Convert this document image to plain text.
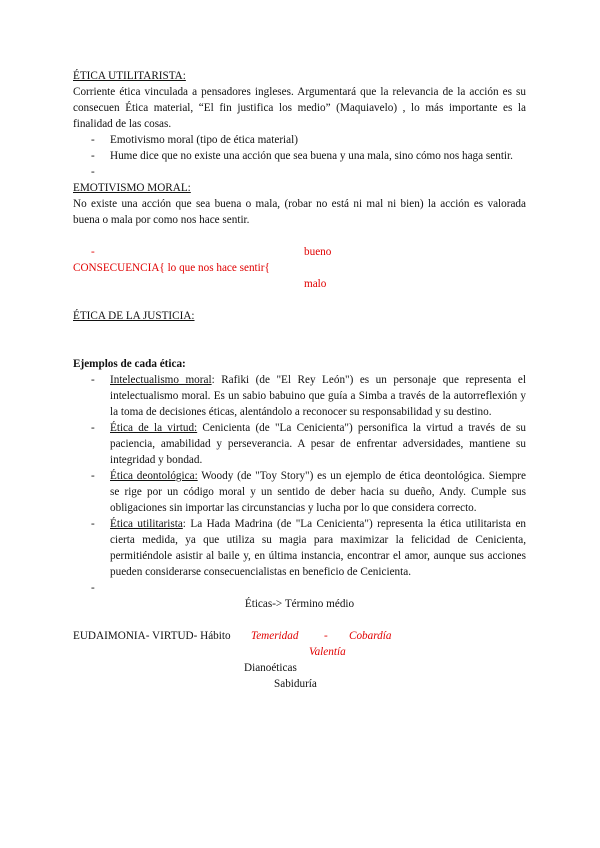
ÉTICA UTILITARISTA:

Corriente ética vinculada a pensadores ingleses. Argumentará que la relevancia de la acción es su consecuen Ética material, “El fin justifica los medio” (Maquiavelo) , lo más importante es la finalidad de las cosas.

- Emotivismo moral (tipo de ética material)
- Hume dice que no existe una acción que sea buena y una mala, sino cómo nos haga sentir.
-

EMOTIVISMO MORAL:

No existe una acción que sea buena o mala, (robar no está ni mal ni bien) la acción es valorada buena o mala por como nos hace sentir.

-	bueno
CONSECUENCIA{ lo que nos hace sentir{
malo

ÉTICA DE LA JUSTICIA:

Ejemplos de cada ética:

- Intelectualismo moral: Rafiki (de "El Rey León") es un personaje que representa el intelectualismo moral. Es un sabio babuino que guía a Simba a través de la autorreflexión y la toma de decisiones éticas, alentándolo a reconocer su responsabilidad y su destino.
- Ética de la virtud: Cenicienta (de "La Cenicienta") personifica la virtud a través de su paciencia, amabilidad y perseverancia. A pesar de enfrentar adversidades, mantiene su integridad y bondad.
- Ética deontológica: Woody (de "Toy Story") es un ejemplo de ética deontológica. Siempre se rige por un código moral y un sentido de deber hacia su dueño, Andy. Cumple sus obligaciones sin importar las circunstancias y lucha por lo que considera correcto.
- Ética utilitarista: La Hada Madrina (de "La Cenicienta") representa la ética utilitarista en cierta medida, ya que utiliza su magia para maximizar la felicidad de Cenicienta, permitiéndole asistir al baile y, en última instancia, encontrar el amor, aunque sus acciones pueden considerarse consecuencialistas en beneficio de Cenicienta.
-

Éticas-> Término médio

EUDAIMONIA- VIRTUD- Hábito Temeridad - Cobardía
Valentía
Dianoéticas
Sabiduría
